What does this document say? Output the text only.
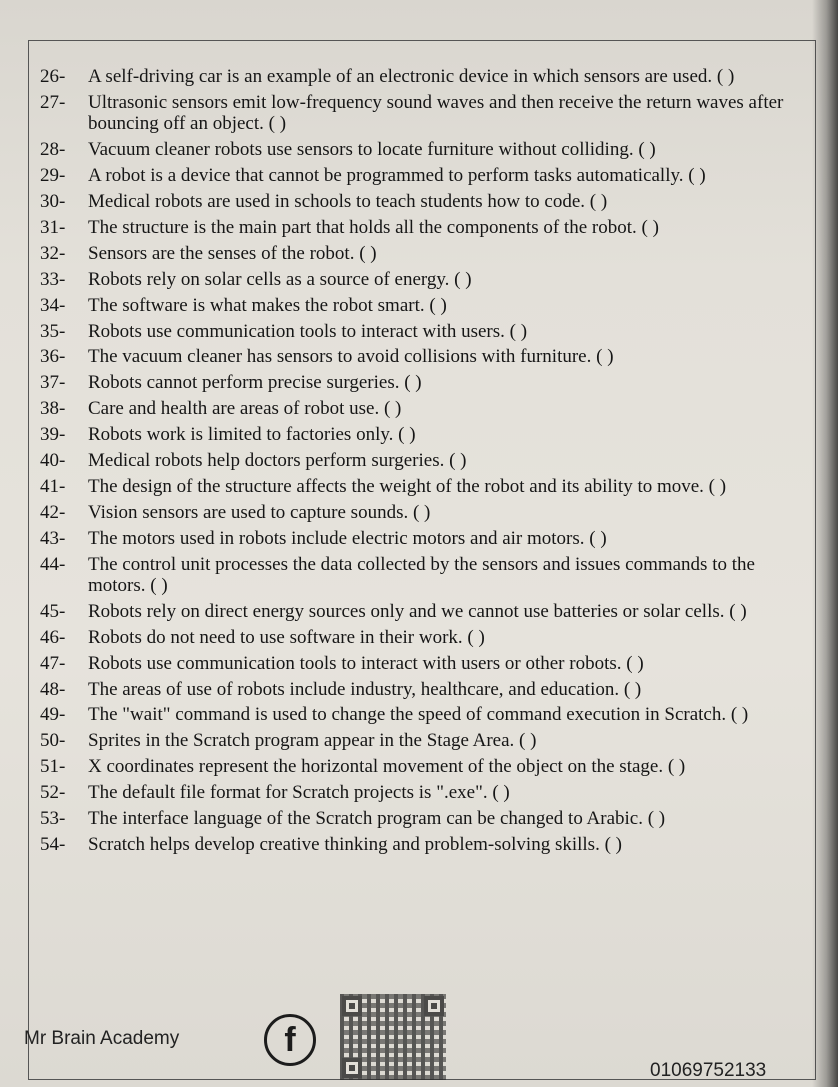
26-	A self-driving car is an example of an electronic device in which sensors are used. ( )
27-	Ultrasonic sensors emit low-frequency sound waves and then receive the return waves after bouncing off an object. ( )
28-	Vacuum cleaner robots use sensors to locate furniture without colliding. ( )
29-	A robot is a device that cannot be programmed to perform tasks automatically. ( )
30-	Medical robots are used in schools to teach students how to code. ( )
31-	The structure is the main part that holds all the components of the robot. ( )
32-	Sensors are the senses of the robot. ( )
33-	Robots rely on solar cells as a source of energy. ( )
34-	The software is what makes the robot smart. ( )
35-	Robots use communication tools to interact with users. ( )
36-	The vacuum cleaner has sensors to avoid collisions with furniture. ( )
37-	Robots cannot perform precise surgeries. ( )
38-	Care and health are areas of robot use. ( )
39-	Robots work is limited to factories only. ( )
40-	Medical robots help doctors perform surgeries. ( )
41-	The design of the structure affects the weight of the robot and its ability to move. ( )
42-	Vision sensors are used to capture sounds. ( )
43-	The motors used in robots include electric motors and air motors. ( )
44-	The control unit processes the data collected by the sensors and issues commands to the motors. ( )
45-	Robots rely on direct energy sources only and we cannot use batteries or solar cells. ( )
46-	Robots do not need to use software in their work. ( )
47-	Robots use communication tools to interact with users or other robots. ( )
48-	The areas of use of robots include industry, healthcare, and education. ( )
49-	The "wait" command is used to change the speed of command execution in Scratch. ( )
50-	Sprites in the Scratch program appear in the Stage Area. ( )
51-	X coordinates represent the horizontal movement of the object on the stage. ( )
52-	The default file format for Scratch projects is ".exe". ( )
53-	The interface language of the Scratch program can be changed to Arabic. ( )
54-	Scratch helps develop creative thinking and problem-solving skills. ( )
Mr Brain Academy	f
01069752133
